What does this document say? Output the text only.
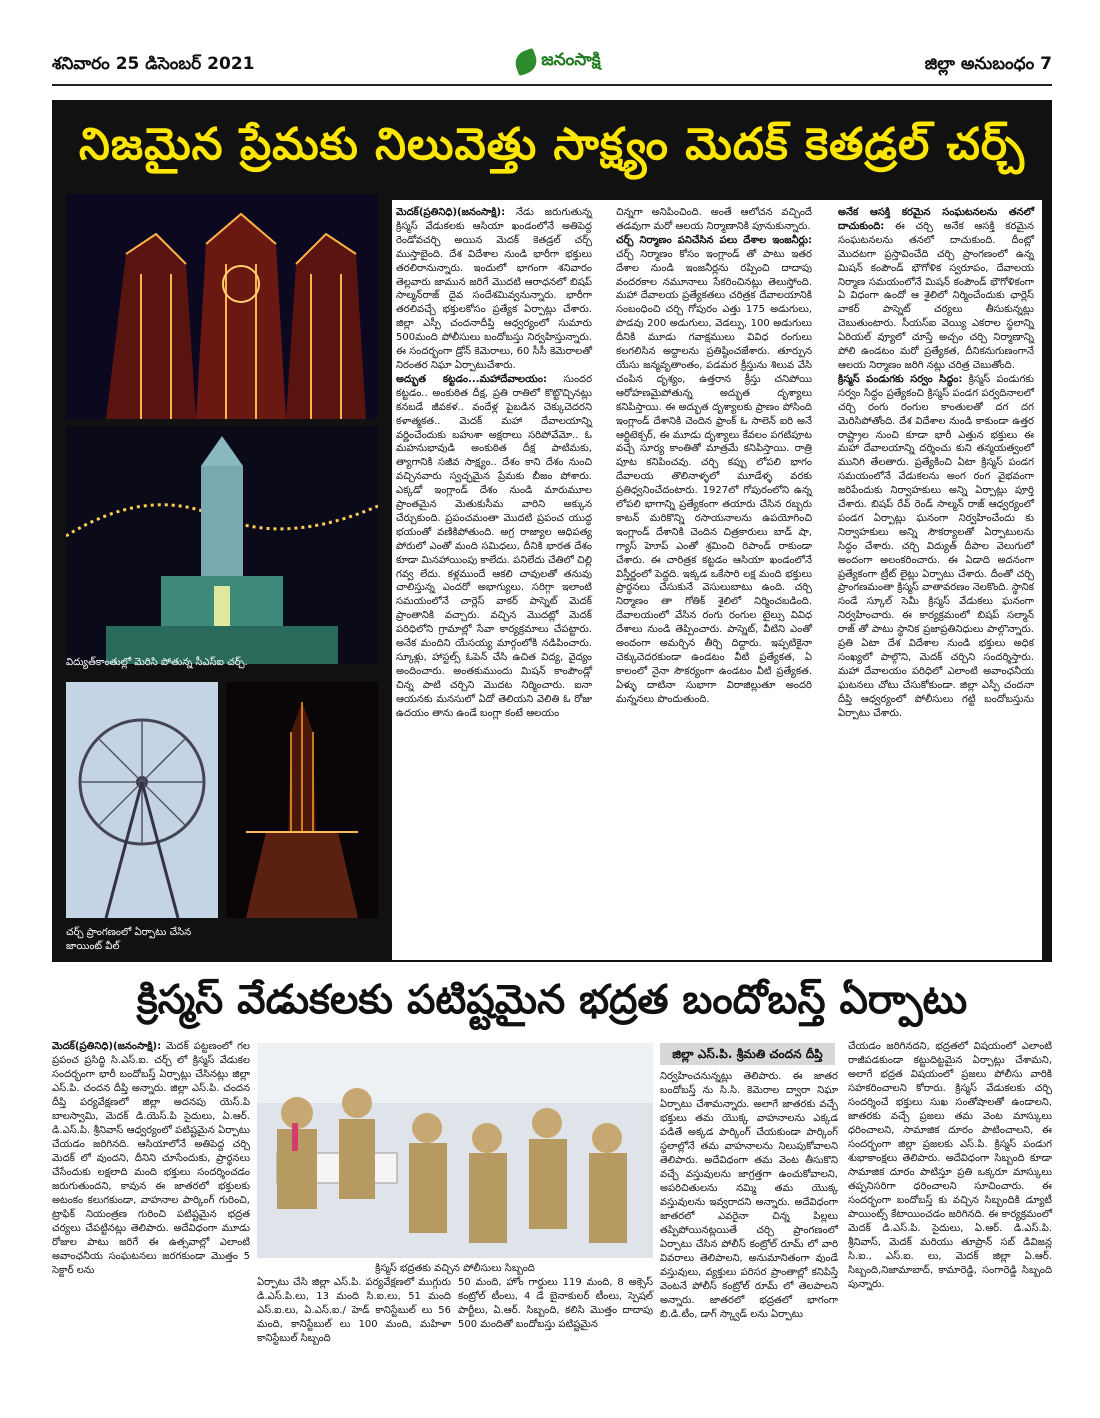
శనివారం 25 డిసెంబర్ 2021	జనంసాక్షి	జిల్లా అనుబంధం 7
నిజమైన ప్రేమకు నిలువెత్తు సాక్ష్యం మెదక్ కెతడ్రల్ చర్చ్
విద్యుత్‌కాంతుల్లో మెరిసి పోతున్న సీఎస్‌ఐ చర్చ్.
చర్చ్ ప్రాంగణంలో ఏర్పాటు చేసిన జాయింట్ వీల్
మెదక్‌(ప్రతినిధి)(జనంసాక్షి): నేడు జరుగుతున్న క్రిస్మస్ వేడుకలకు ఆసియా ఖండంలోనే అతిపెద్ద రెండోవచర్చి అయిన మెదక్ కెతడ్రల్ చర్చ్ ముస్తాబైంది. దేశ విదేశాల నుండి భారీగా భక్తులు తరలిరానున్నారు. ఇందులో భాగంగా శనివారం తెల్లవారు జామున జరిగే మొదటి ఆరాధనలో బిషప్ సాల్మన్‌రాజ్ దైవ సందేశమివ్వనున్నారు. భారీగా తరలివచ్చే భక్తులకోసం ప్రత్యేక ఏర్పాట్లు చేశారు. జిల్లా ఎస్పీ చందనాదీప్తి ఆధ్వర్యంలో సుమారు 500మంది పోలీసులు బందోబస్తు నిర్వహిస్తున్నారు. ఈ సందర్భంగా డ్రోన్ కెమెరాలు, 60 సీసీ కెమెరాలతో నిరంతర నిఘా ఏర్పాటుచేశారు.
అద్భుత కట్టడం...మహాదేవాలయం: సుందర కట్టడం.. అంకుఠిత దీక్ష, ప్రతి రాతిలో కొట్టొచ్చినట్లు కనబడే జీవకళ.. వందేళ్ల పైబడిన చెక్కుచెదరని కళాత్మకత.. మెదక్ మహా దేవాలయాన్ని వర్ణించేందుకు బహుశా అక్షరాలు సరిపోవేమో.. ఓ మహనుభావుడి అంకుఠిత దీక్ష పాటిమకు, త్యాగానికి సజీవ సాక్ష్యం.. దేశం కాని దేశం నుంచి వచ్చినవారు స్వచ్ఛమైన ప్రేమకు బీజం పోశారు. ఎక్కడో ఇంగ్లాండ్ దేశం నుండి మారుమూల ప్రాంతమైన మెతుకుసీమ వారిని అక్కున చేర్చుకుంది. ప్రపంచమంతా మొదటి ప్రపంచ యుద్ధ భయంతో వణికిపోతుంది. అగ్ర రాజ్యాల ఆధిపత్య పోరులో ఎంతో మంది సమిధలు, దీనికి భారత దేశం కూడా మినహాయింపు కాలేదు. పనిలేదు చేతిలో చిల్లి గవ్వ లేదు. కళ్లముందే ఆకలి చావులతో తనువు చాలిస్తున్న ఎందరో అభాగ్యులు. సరిగ్గా ఇలాంటి సమయంలోనే చార్లెస్ వాకర్ పాస్నెట్ మెదక్ ప్రాంతానికి వచ్చారు. వచ్చిన మొదట్లో మెదక్ పరిధిలోని గ్రామాల్లో సేవా కార్యక్రమాలు చేపట్టారు. అనేక మందిని యేసయ్య మార్గంలోకి నడిపించారు. స్కూళ్లు, హాస్టల్స్ ఓపెన్ చేసి ఉచిత విద్య, వైద్యం అందించారు. అంతకుముందు మిషన్ కాంపౌండ్లో చిన్న పాటి చర్చిని మొదట నిర్మించారు. ఐనా ఆయనకు మనసులో ఏదో తెలియని వెలితి ఓ రోజు ఉదయం తాను ఉండే బంగ్లా కంటే ఆలయం
చిన్నగా అనిపించింది. అంతే ఆలోచన వచ్చిందే తడవుగా మరో ఆలయ నిర్మాణానికి పూనుకున్నారు.
చర్చ్ నిర్మాణం పనిచేసిన పలు దేశాల ఇంజనీర్లు: చర్చ్ నిర్మాణం కోసం ఇంగ్లాండ్ తో పాటు ఇతర దేశాల నుండి ఇంజనీర్లను రప్పించి దాదాపు వందరకాల నమూనాలు సేకరించినట్లు తెలుస్తోంది. మహా దేవాలయ ప్రత్యేకతలు చరిత్రక దేవాలయానికి సంబంధించి చర్చి గోపురం ఎత్తు 175 అడుగులు, పొడవు 200 అడుగులు, వెడల్పు, 100 అడుగులు దీనికి మూడు గవాక్షములు వివిధ రంగులు కలగలిసిన అద్దాలను ప్రతిష్ఠించజేశారు. తూర్పున యేసు జన్మవృతాంతం, పడమర క్రీస్తును శిలువ వేసి చంపిన దృశ్యం, ఉత్తరాన క్రీస్తు చనిపోయి ఆరోహణమైపోతున్న అద్భుత దృశ్యాలు కనిపిస్తాయి. ఈ అద్భుత దృశ్యాలకు ప్రాణం పోసింది ఇంగ్లాండ్ దేశానికి చెందిన ఫ్రాంక్ ఓ సాలెన్ ఐరి అనే ఆర్టిటెక్చర్, ఈ మూడు దృశ్యాలు కేవలం పగటిపూట వచ్చే సూర్య కాంతితో మాత్రమే కనిపిస్తాయి. రాత్రి పూట కనిపించవు. చర్చి కప్పు లోపలి భాగం దేవాలయ తొలినాళ్ళలో మూడేళ్ళ వరకు ప్రతిధ్వనించేదంటారు. 1927లో గోపురంలోని ఉన్న లోపలి భాగాన్ని ప్రత్యేకంగా తయారు చేసిన రబ్బరు కాటన్ మరికొన్ని రసాయనాలను ఉపయోగించి ఇంగ్లాండ్ దేశానికి చెందిన చిత్రకారులు బాడ్ షా, గ్యాస్ హెూప్ ఎంతో శ్రమించి రిపాండ్ రాకుండా చేశారు. ఈ చారిత్రక కట్టడం ఆసియా ఖండంలోనే విస్తీర్ణంలో పెద్దది. ఇక్కడ ఒకేసారి లక్ష మంది భక్తులు ప్రార్థనలు చేసుకునే వెసులుబాటు ఉంది. చర్చి నిర్మాణం తా గోతిక్ శైలిలో నిర్మించబడింది. దేవాలయంలో వేసిన రంగు రంగుల టైల్సు వివిధ దేశాలు నుండి తెప్పించారు. పాస్నెట్, వీటిని ఎంతో అందంగా అమర్చిన తీర్చి దిద్దారు. ఇప్పటికైనా చెక్కుచెదరకుండా ఉండటం వీటి ప్రత్యేకత, ఏ కాలంలో నైనా సౌకర్యంగా ఉండటం వీటి ప్రత్యేకత. ఏళ్ళు దాటినా సుభాగా విరాజిల్లుతూ అందరి మన్ననలు పొందుతుంది.
అనేక ఆసక్తి కరమైన సంఘటనలను తనలో దాచుకుంది: ఈ చర్చి అనేక ఆసక్తి కరమైన సంఘటనలను తనలో దాచుకుంది. దీంట్లో మొదటగా ప్రస్తావించేది చర్చి ప్రాంగణంలో ఉన్న మిషన్ కంపౌండ్ భౌగోళిక స్వరూపం, దేవాలయ నిర్మాణ సమయంలోనే మిషన్ కంపౌండ్ భౌగోళికంగా ఏ విధంగా ఉందో ఆ శైలిలో నిర్మించేందుకు ఛార్లెస్ వాకర్ పాస్నెట్ చర్యలు తీసుకున్నట్లు చెబుతుంటారు. సీయస్ఐ వెయ్యి ఎకరాల స్థలాన్ని ఏరియల్ వ్యూలో చూస్తే అచ్చం చర్చి నిర్మాణాన్ని పోలి ఉండటం మరో ప్రత్యేకత, దీనికనుగుణంగానే ఆలయ నిర్మాణం జరిగి నట్లు చరిత్ర చెబుతోంది.
క్రిస్మస్ పండుగకు సర్వం సిద్ధం: క్రిస్మస్ పండుగకు సర్వం సిద్ధం ప్రత్యేకంచి క్రిస్మస్ పండగ పర్వదినాలలో చర్చి రంగు రంగుల కాంతులతో దగ దగ మెరిసిపోతోంది. దేశ విదేశాల నుండి కాకుండా ఉత్తర రాష్ట్రాల నుంచి కూడా భారీ ఎత్తున భక్తులు ఈ మహా దేవాలయాన్ని దర్శించు కుని తన్మయత్వంలో మునిగి తేలతారు. ప్రత్యేకించి ఏటా క్రిస్మస్ పండగ సమయంలోనే వేడుకలను అంగ రంగ వైభవంగా జరిపేందుకు నిర్వాహకులు అన్ని ఏర్పాట్లు పూర్తి చేశారు. బిషప్ రేవ్ రెండ్ సాల్మన్ రాజ్ ఆధ్వర్యంలో పండగ ఏర్పాట్లు ఘనంగా నిర్వహించేందు కు నిర్వాహకులు అన్ని సౌకర్యాలతో ఏర్పాటులను సిద్ధం చేశారు. చర్చి విద్యుత్ దీపాల వెలుగులో అందంగా అలంకరించారు. ఈ ఏడాది అదనంగా ప్రత్యేకంగా ట్రీట్ లైట్లు ఏర్పాటు చేశారు. దీంతో చర్చి ప్రాంగణమంతా క్రిస్మస్ వాతావరణం నెలకొంది. స్థానిక సండే స్కూల్ సెమీ క్రిస్మస్ వేడుకలు ఘనంగా నిర్వహించారు. ఈ కార్యక్రమంలో బిషప్ సల్మాన్ రాజ్ తో పాటు స్థానిక ప్రజాప్రతినిధులు పాల్గొన్నారు. ప్రతి ఏటా దేశ విదేశాల నుండి భక్తులు అధిక సంఖ్యలో పాల్గొని, మెదక్ చర్చిని సందర్శిస్తారు. మహా దేవాలయం పరిధిలో ఎలాంటి అవాంఛనీయ ఘటనలు చోటు చేసుకోకుండా. జిల్లా ఎస్పీ చందనా దీప్తి ఆధ్వర్యంలో పోలీసులు గట్టి బందోబస్తును ఏర్పాటు చేశారు.
క్రిస్మస్ వేడుకలకు పటిష్టమైన భద్రత బందోబస్త్ ఏర్పాటు
మెదక్(ప్రతినిధి)(జనంసాక్షి): మెదక్ పట్టణంలో గల ప్రపంచ ప్రసిద్ధి సి.ఎస్.ఐ. చర్చ్ లో క్రిస్మస్ వేడుకల సందర్భంగా భారీ బందోబస్త్ ఏర్పాట్లు చేసినట్లు జిల్లా ఎస్.పి. చందన దీప్తి అన్నారు. జిల్లా ఎస్.పి. చందన దీప్తి పర్యవేక్షణలో జిల్లా అదనపు యెస్.పి బాలస్వామి, మెదక్ డి.యెస్.పి సైదులు, ఏ.ఆర్. డి.ఎస్.పి. శ్రీనివాస్ ఆధ్వర్యంలో పటిష్టమైన ఏర్పాటు చేయడం జరిగినది. ఆసియాలోనే అతిపెద్ద చర్చి మెదక్ లో వుందని, దీనిని చూసేందుకు, ప్రార్థనలు చేసేందుకు లక్షలాది మంది భక్తులు సందర్శించడం జరుగుతుందని, కావున ఈ జాతరలో భక్తులకు అటంకం కలుగకుండా, వాహనాల పార్కింగ్ గురించి, ట్రాఫిక్ నియంత్రణ గురించి పటిష్టమైన భద్రత చర్యలు చేపట్టినట్లు తెలిపారు. అదేవిధంగా మూడు రోజుల పాటు జరిగే ఈ ఉత్సవాల్లో ఎలాంటి అవాంఛనీయ సంఘటనలు జరగకుండా మొత్తం 5 సెక్టార్ లను	క్రిస్మస్ భద్రతకు వచ్చిన పోలీసులు సిబ్బంది
ఏర్పాటు చేసి జిల్లా ఎస్.పి. పర్యవేక్షణలో ముగ్గురు డి.ఎస్.పి.లు, 13 మంది సి.ఐ.లు, 51 మంది ఎస్.ఐ.లు, ఏ.ఎస్.ఐ./ హెడ్ కానిస్టేబుల్ లు 56 మంది, కానిస్టేబుల్ లు 100 మంది, మహిళా కానిస్టేబుల్ సిబ్బంది
50 మంది, హోం గార్డులు 119 మంది, 8 అక్సెస్ కంట్రోల్ టీంలు, 4 డే బైనాకులర్ టీంలు, స్పెషల్ పార్టీలు, ఏ.ఆర్. సిబ్బంది, కలిసి మొత్తం దాదాపు 500 మందితో బందోబస్తు పటిష్టమైన
జిల్లా ఎస్‌.పి. శ్రీమతి చందన దీప్తి
నిర్వహించనున్నట్లు తెలిపారు. ఈ జాతర బందోబస్త్ ను సి.సి. కెమెరాల ద్వారా నిఘా ఏర్పాటు చేశామన్నారు. అలాగే జాతరకు వచ్చే భక్తులు తమ యొక్క వాహనాలను ఎక్కడ పడితే అక్కడ పార్కింగ్ చేయకుండా పార్కింగ్ స్థలాల్లోనే తమ వాహనాలను నిలుపుకోవాలని తెలిపారు. అదేవిధంగా తమ వెంట తీసుకొని వచ్చే వస్తువులను జాగ్రత్తగా ఉంచుకోవాలని, అపరిచితులను నమ్మి తమ యొక్క వస్తువులను ఇవ్వరాదని అన్నారు. అదేవిధంగా జాతరలో ఎవరైనా చిన్న పిల్లలు తప్పిపోయినట్లయితే చర్చి ప్రాంగణంలో ఏర్పాటు చేసిన పోలీస్ కంట్రోల్ రూమ్ లో వారి వివరాలు తెలిపాలని, అనుమానితంగా వుండే వస్తువులు, వ్యక్తులు పరిసర ప్రాంతాల్లో కనిపిస్తే వెంటనే పోలీస్ కంట్రోల్ రూమ్ లో తెలపాలని అన్నారు. జాతరలో భద్రతలో భాగంగా బి.డి.టీం, డాగ్ స్క్వాడ్ లను ఏర్పాటు
చేయడం జరిగినదని, భద్రతలో విషయంలో ఎలాంటి రాజీపడకుండా కట్టుదిట్టమైన ఏర్పాట్లు చేశామని, అలాగే భద్రత విషయంలో ప్రజలు పోలీసు వారికి సహకరించాలని కోరారు. క్రిస్మస్ వేడుకలకు చర్చి సందర్శించే భక్తులు సుఖ సంతోషాలతో ఉండాలని, జాతరకు వచ్చే ప్రజలు తమ వెంట మాస్కులు ధరించాలని, సామాజిక దూరం పాటించాలని, ఈ సందర్భంగా జిల్లా ప్రజలకు ఎస్.పి. క్రిస్మస్ పండుగ శుభాకాంక్షలు తెలిపారు. అదేవిధంగా సిబ్బంది కూడా సామాజిక దూరం పాటిస్తూ ప్రతి ఒక్కరూ మాస్కులు తప్పనిసరిగా ధరించాలని సూచించారు. ఈ సందర్భంగా బందోబస్త్ కు వచ్చిన సిబ్బందికి డ్యూటీ పాయింట్స్ కేటాయించడం జరిగినది. ఈ కార్యక్రమంలో మెదక్ డి.ఎస్.పి. సైదులు, ఏ.ఆర్. డి.ఎస్.పి. శ్రీనివాస్, మెదక్ మరియు తూప్రాన్ సబ్ డివిజన్ల సి.ఐ., ఎస్.ఐ. లు, మెదక్ జిల్లా ఏ.ఆర్. సిబ్బంది,నిజామాబాద్, కామారెడ్డి, సంగారెడ్డి సిబ్బంది పున్నారు.
